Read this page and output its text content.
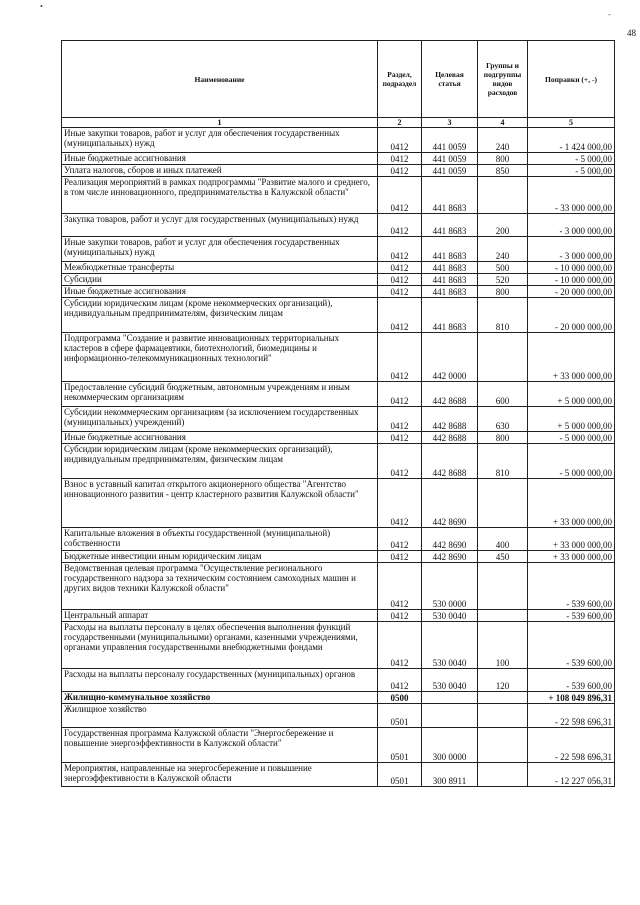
48
•
‐
Наименование	Раздел, подраздел	Целевая статья	Группы и подгруппы видов расходов	Поправки (+, -)
1	2	3	4	5
Иные закупки товаров, работ и услуг для обеспечения государственных (муниципальных) нужд	0412	441 0059	240	- 1 424 000,00
Иные бюджетные ассигнования	0412	441 0059	800	- 5 000,00
Уплата налогов, сборов и иных платежей	0412	441 0059	850	- 5 000,00
Реализация мероприятий в рамках подпрограммы "Развитие малого и среднего, в том числе инновационного, предпринимательства в Калужской области"	0412	441 8683		- 33 000 000,00
Закупка товаров, работ и услуг для государственных (муниципальных) нужд	0412	441 8683	200	- 3 000 000,00
Иные закупки товаров, работ и услуг для обеспечения государственных (муниципальных) нужд	0412	441 8683	240	- 3 000 000,00
Межбюджетные трансферты	0412	441 8683	500	- 10 000 000,00
Субсидии	0412	441 8683	520	- 10 000 000,00
Иные бюджетные ассигнования	0412	441 8683	800	- 20 000 000,00
Субсидии юридическим лицам (кроме некоммерческих организаций), индивидуальным предпринимателям, физическим лицам	0412	441 8683	810	- 20 000 000,00
Подпрограмма "Создание и развитие инновационных территориальных кластеров в сфере фармацевтики, биотехнологий, биомедицины и информационно-телекоммуникационных технологий"	0412	442 0000		+ 33 000 000,00
Предоставление субсидий бюджетным, автономным учреждениям и иным некоммерческим организациям	0412	442 8688	600	+ 5 000 000,00
Субсидии некоммерческим организациям (за исключением государственных (муниципальных) учреждений)	0412	442 8688	630	+ 5 000 000,00
Иные бюджетные ассигнования	0412	442 8688	800	- 5 000 000,00
Субсидии юридическим лицам (кроме некоммерческих организаций), индивидуальным предпринимателям, физическим лицам	0412	442 8688	810	- 5 000 000,00
Взнос в уставный капитал открытого акционерного общества "Агентство инновационного развития - центр кластерного развития Калужской области"	0412	442 8690		+ 33 000 000,00
Капитальные вложения в объекты государственной (муниципальной) собственности	0412	442 8690	400	+ 33 000 000,00
Бюджетные инвестиции иным юридическим лицам	0412	442 8690	450	+ 33 000 000,00
Ведомственная целевая программа "Осуществление регионального государственного надзора за техническим состоянием самоходных машин и других видов техники Калужской области"	0412	530 0000		- 539 600,00
Центральный аппарат	0412	530 0040		- 539 600,00
Расходы на выплаты персоналу в целях обеспечения выполнения функций государственными (муниципальными) органами, казенными учреждениями, органами управления государственными внебюджетными фондами	0412	530 0040	100	- 539 600,00
Расходы на выплаты персоналу государственных (муниципальных) органов	0412	530 0040	120	- 539 600,00
Жилищно-коммунальное хозяйство	0500			+ 108 049 896,31
Жилищное хозяйство	0501			- 22 598 696,31
Государственная программа Калужской области "Энергосбережение и повышение энергоэффективности в Калужской области"	0501	300 0000		- 22 598 696,31
Мероприятия, направленные на энергосбережение и повышение энергоэффективности в Калужской области	0501	300 8911		- 12 227 056,31
